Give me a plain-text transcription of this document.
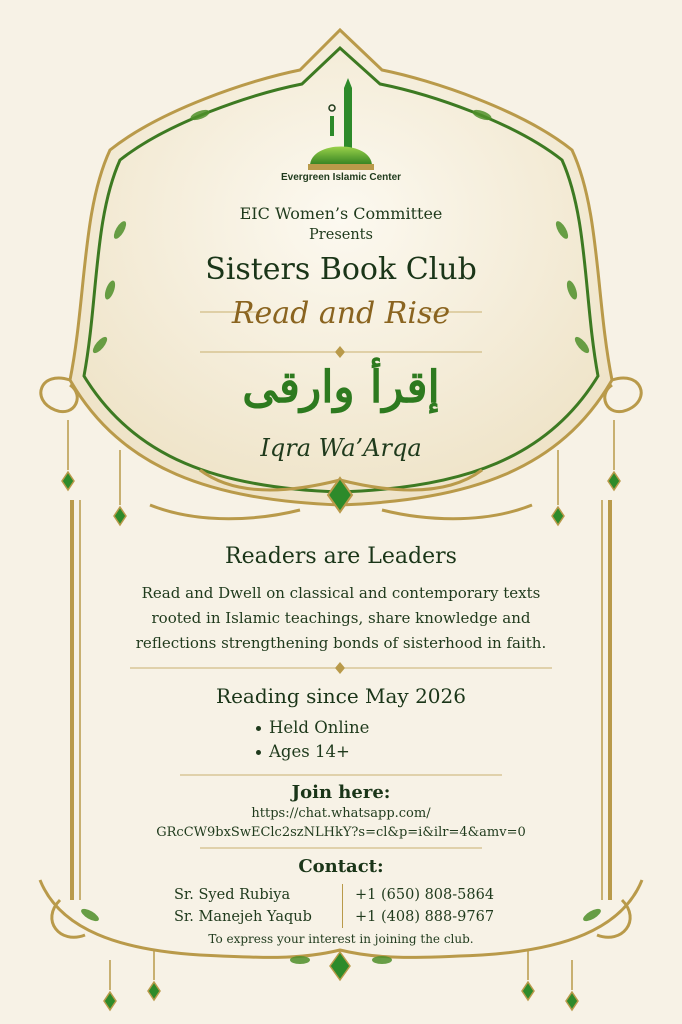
Evergreen Islamic Center
EIC Women’s Committee
Presents
Sisters Book Club
Read and Rise
إقرأ وارقى
Iqra Wa’Arqa
Readers are Leaders
Read and Dwell on classical and contemporary texts
rooted in Islamic teachings, share knowledge and
reflections strengthening bonds of sisterhood in faith.
Reading since May 2026
Held Online
Ages 14+
Join here:
https://chat.whatsapp.com/
GRcCW9bxSwEClc2szNLHkY?s=cl&p=i&ilr=4&amv=0
Contact:
Sr. Syed Rubiya	+1 (650) 808-5864
Sr. Manejeh Yaqub	+1 (408) 888-9767
To express your interest in joining the club.
